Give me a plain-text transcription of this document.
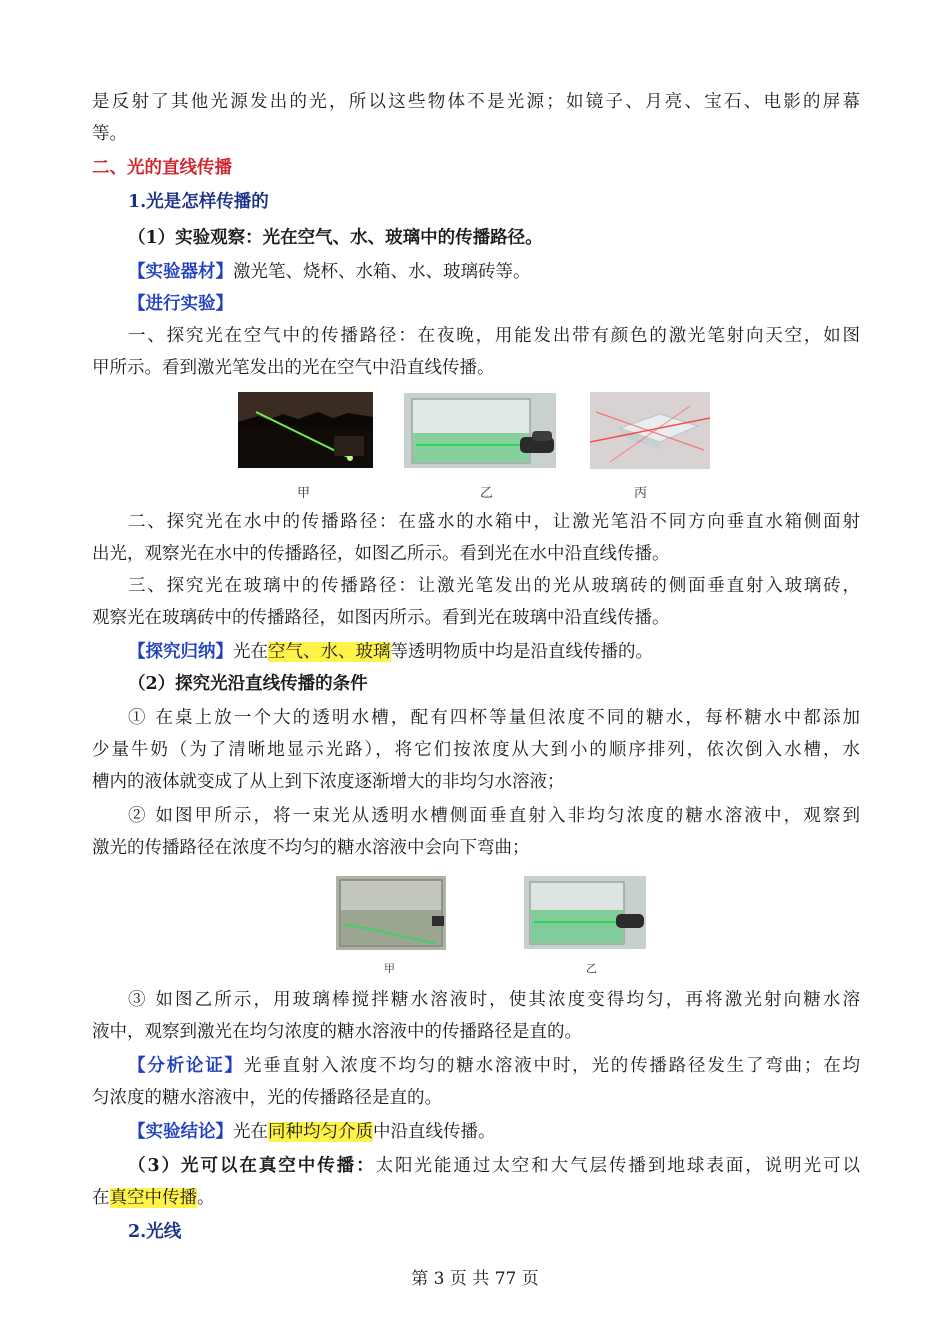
是反射了其他光源发出的光，所以这些物体不是光源；如镜子、月亮、宝石、电影的屏幕
等。
二、光的直线传播
1.光是怎样传播的
（1）实验观察：光在空气、水、玻璃中的传播路径。
【实验器材】激光笔、烧杯、水箱、水、玻璃砖等。
【进行实验】
一、探究光在空气中的传播路径：在夜晚，用能发出带有颜色的激光笔射向天空，如图
甲所示。看到激光笔发出的光在空气中沿直线传播。
甲	乙	丙
二、探究光在水中的传播路径：在盛水的水箱中，让激光笔沿不同方向垂直水箱侧面射
出光，观察光在水中的传播路径，如图乙所示。看到光在水中沿直线传播。
三、探究光在玻璃中的传播路径：让激光笔发出的光从玻璃砖的侧面垂直射入玻璃砖，
观察光在玻璃砖中的传播路径，如图丙所示。看到光在玻璃中沿直线传播。
【探究归纳】光在空气、水、玻璃等透明物质中均是沿直线传播的。
（2）探究光沿直线传播的条件
① 在桌上放一个大的透明水槽，配有四杯等量但浓度不同的糖水，每杯糖水中都添加
少量牛奶（为了清晰地显示光路），将它们按浓度从大到小的顺序排列，依次倒入水槽，水
槽内的液体就变成了从上到下浓度逐渐增大的非均匀水溶液；
② 如图甲所示，将一束光从透明水槽侧面垂直射入非均匀浓度的糖水溶液中，观察到
激光的传播路径在浓度不均匀的糖水溶液中会向下弯曲；
甲	乙
③ 如图乙所示，用玻璃棒搅拌糖水溶液时，使其浓度变得均匀，再将激光射向糖水溶
液中，观察到激光在均匀浓度的糖水溶液中的传播路径是直的。
【分析论证】光垂直射入浓度不均匀的糖水溶液中时，光的传播路径发生了弯曲；在均
匀浓度的糖水溶液中，光的传播路径是直的。
【实验结论】光在同种均匀介质中沿直线传播。
（3）光可以在真空中传播：太阳光能通过太空和大气层传播到地球表面，说明光可以
在真空中传播。
2.光线
第 3 页 共 77 页
